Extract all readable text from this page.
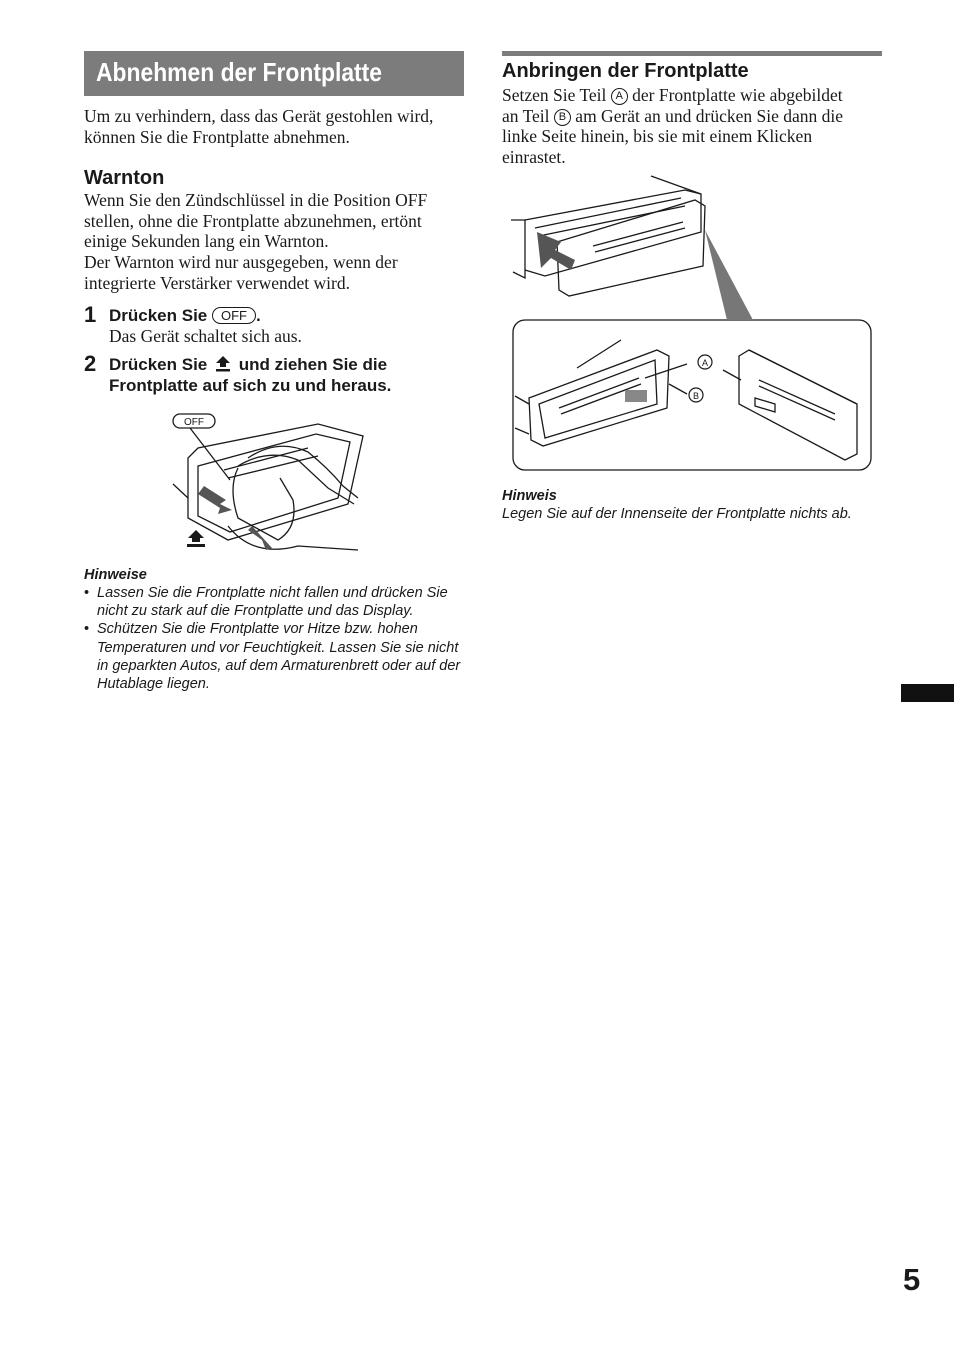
Abnehmen der Frontplatte
Um zu verhindern, dass das Gerät gestohlen wird, können Sie die Frontplatte abnehmen.
Warnton
Wenn Sie den Zündschlüssel in die Position OFF stellen, ohne die Frontplatte abzunehmen, ertönt einige Sekunden lang ein Warnton.
Der Warnton wird nur ausgegeben, wenn der integrierte Verstärker verwendet wird.
1 Drücken Sie OFF .
Das Gerät schaltet sich aus.
2 Drücken Sie und ziehen Sie die
Frontplatte auf sich zu und heraus.
OFF
Hinweise
• Lassen Sie die Frontplatte nicht fallen und drücken Sie nicht zu stark auf die Frontplatte und das Display.
• Schützen Sie die Frontplatte vor Hitze bzw. hohen Temperaturen und vor Feuchtigkeit. Lassen Sie sie nicht in geparkten Autos, auf dem Armaturenbrett oder auf der Hutablage liegen.
Anbringen der Frontplatte
Setzen Sie Teil A der Frontplatte wie abgebildet
an Teil B am Gerät an und drücken Sie dann die
linke Seite hinein, bis sie mit einem Klicken
einrastet.
A
B
Hinweis
Legen Sie auf der Innenseite der Frontplatte nichts ab.
5
